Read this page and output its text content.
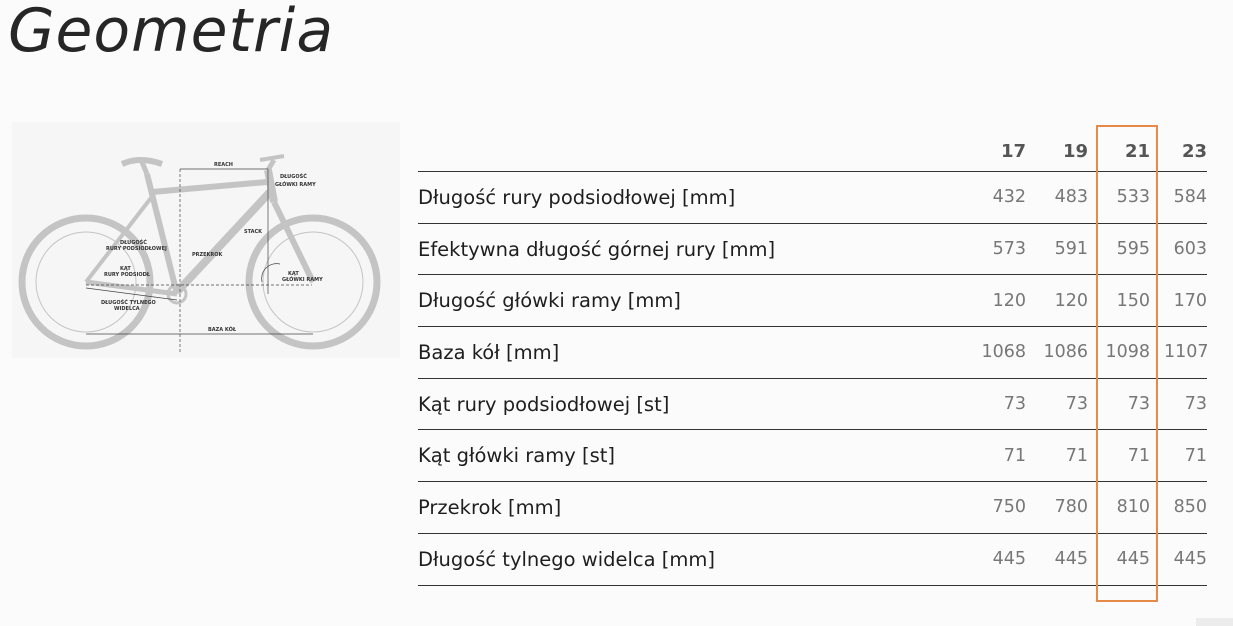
Geometria
REACH
DŁUGOŚĆ
GŁÓWKI RAMY
DŁUGOŚĆ
RURY PODSIODŁOWEJ
KĄT
RURY PODSIODŁ
PRZEKROK
STACK
KĄT
GŁÓWKI RAMY
DŁUGOŚĆ TYLNEGO
WIDELCA
BAZA KÓŁ
	17	19	21	23
Długość rury podsiodłowej [mm]	432	483	533	584
Efektywna długość górnej rury [mm]	573	591	595	603
Długość główki ramy [mm]	120	120	150	170
Baza kół [mm]	1068	1086	1098	1107
Kąt rury podsiodłowej [st]	73	73	73	73
Kąt główki ramy [st]	71	71	71	71
Przekrok [mm]	750	780	810	850
Długość tylnego widelca [mm]	445	445	445	445
